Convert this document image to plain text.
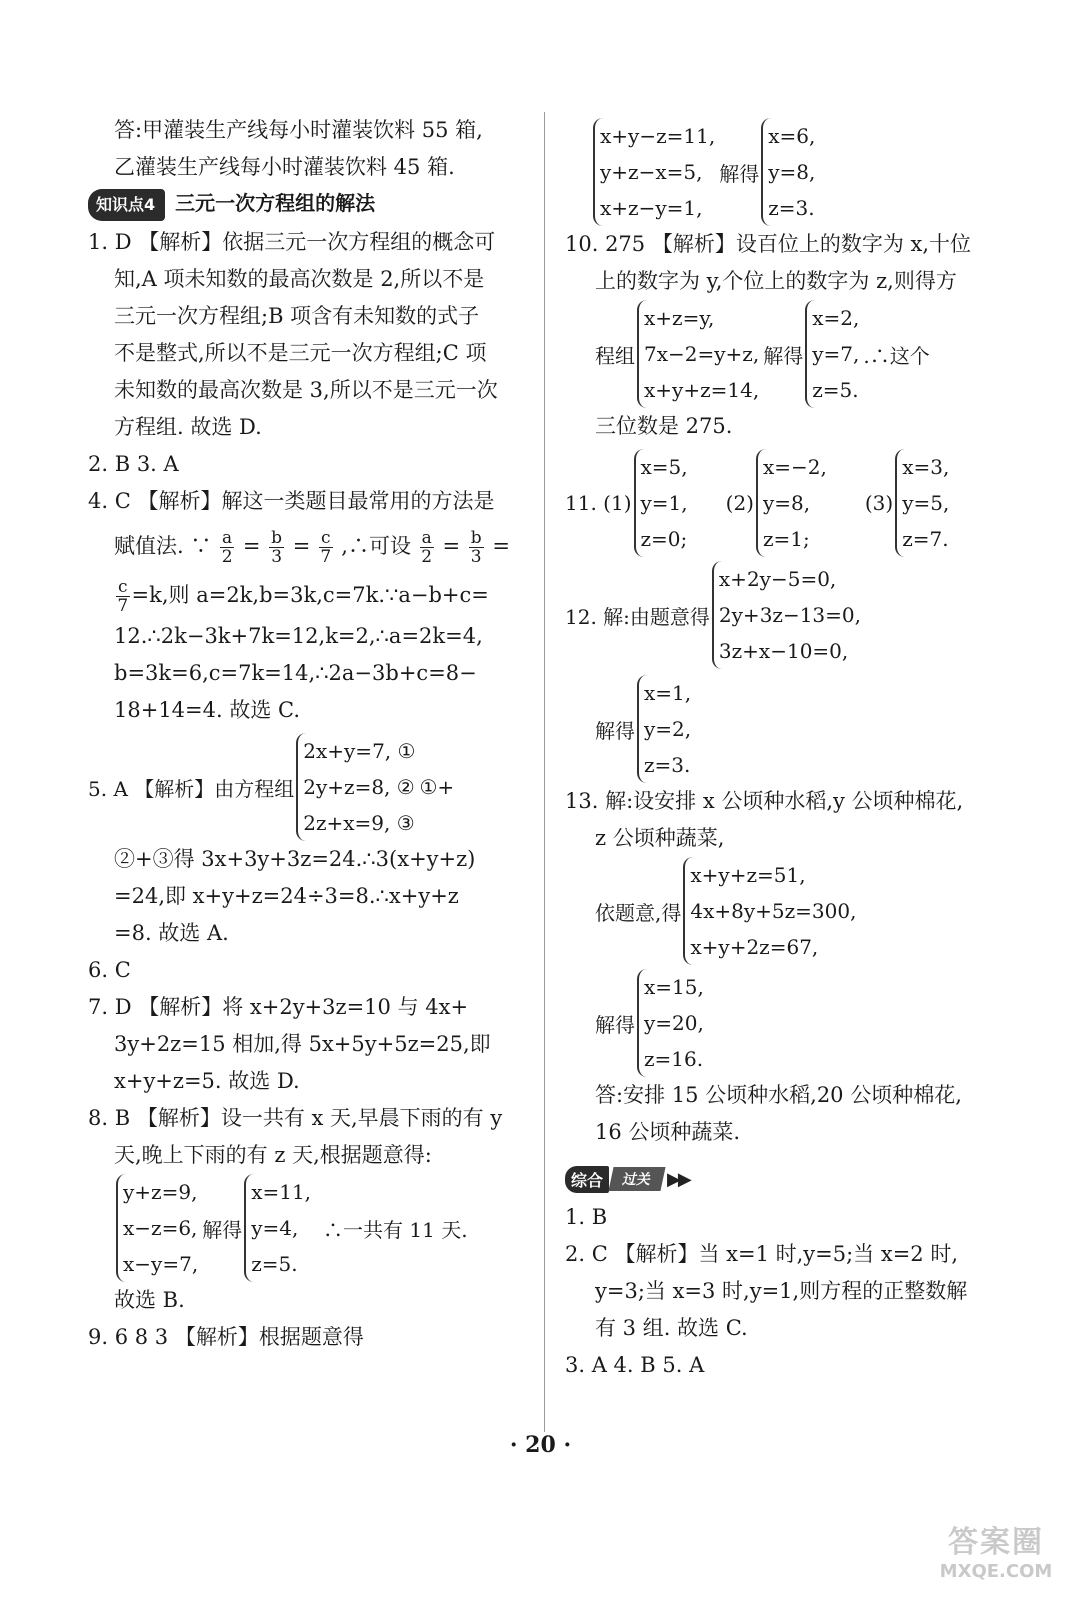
答:甲灌装生产线每小时灌装饮料 55 箱,
乙灌装生产线每小时灌装饮料 45 箱.
知识点4 三元一次方程组的解法
1. D 【解析】依据三元一次方程组的概念可
知,A 项未知数的最高次数是 2,所以不是
三元一次方程组;B 项含有未知数的式子
不是整式,所以不是三元一次方程组;C 项
未知数的最高次数是 3,所以不是三元一次
方程组. 故选 D.
2. B 3. A
4. C 【解析】解这一类题目最常用的方法是
赋值法. ∵ $\frac{a}{2} = \frac{b}{3} = \frac{c}{7}$ ,∴可设 $\frac{a}{2} = \frac{b}{3}$ =
$\frac{c}{7} =k$,则 a=2k,b=3k,c=7k.∵a−b+c=
12.∴2k−3k+7k=12,k=2,∴a=2k=4,
b=3k=6,c=7k=14,∴2a−3b+c=8−
18+14=4. 故选 C.
5. A 【解析】由方程组
2x+y=7, ①
2y+z=8, ②
2z+x=9, ③
①+
②+③得 3x+3y+3z=24.∴3(x+y+z)
=24,即 x+y+z=24÷3=8.∴x+y+z
=8. 故选 A.
6. C
7. D 【解析】将 x+2y+3z=10 与 4x+
3y+2z=15 相加,得 5x+5y+5z=25,即
x+y+z=5. 故选 D.
8. B 【解析】设一共有 x 天,早晨下雨的有 y
天,晚上下雨的有 z 天,根据题意得:
y+z=9,
x−z=6,
x−y=7,
解得
x=11,
y=4,
z=5.
∴一共有 11 天.
故选 B.
9. 6 8 3 【解析】根据题意得
x+y−z=11,
y+z−x=5,
x+z−y=1,
解得
x=6,
y=8,
z=3.
10. 275 【解析】设百位上的数字为 x,十位
上的数字为 y,个位上的数字为 z,则得方
程组
x+z=y,
7x−2=y+z,
x+y+z=14,
解得
x=2,
y=7,
z=5.
.∴这个
三位数是 275.
11. (1)
x=5,
y=1,
z=0;
(2)
x=−2,
y=8,
z=1;
(3)
x=3,
y=5,
z=7.
12. 解:由题意得
x+2y−5=0,
2y+3z−13=0,
3z+x−10=0,
解得
x=1,
y=2,
z=3.
13. 解:设安排 x 公顷种水稻,y 公顷种棉花,
z 公顷种蔬菜,
依题意,得
x+y+z=51,
4x+8y+5z=300,
x+y+2z=67,
解得
x=15,
y=20,
z=16.
答:安排 15 公顷种水稻,20 公顷种棉花,
16 公顷种蔬菜.
综合	过关 ▶▶
1. B
2. C 【解析】当 x=1 时,y=5;当 x=2 时,
y=3;当 x=3 时,y=1,则方程的正整数解
有 3 组. 故选 C.
3. A 4. B 5. A
· 20 ·
答案圈
MXQE.COM
